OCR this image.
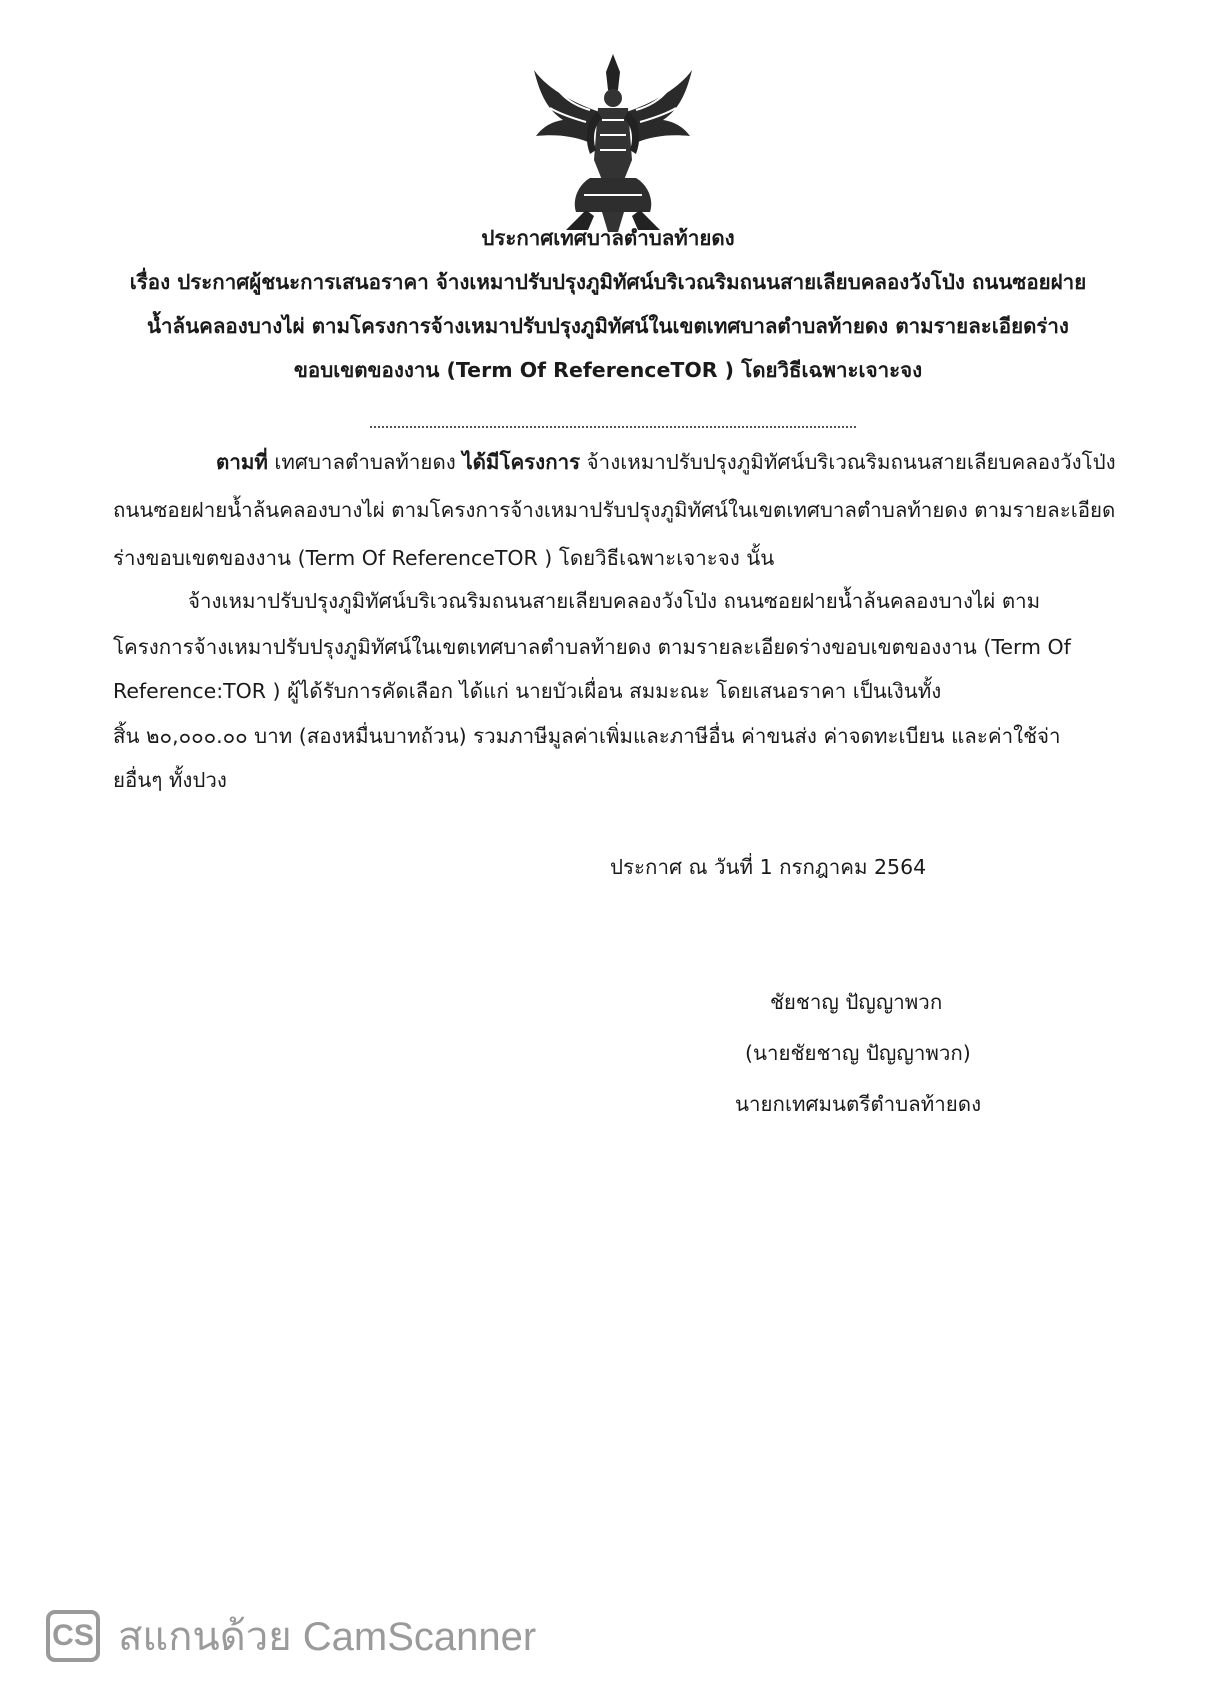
ประกาศเทศบาลตำบลท้ายดง
เรื่อง ประกาศผู้ชนะการเสนอราคา จ้างเหมาปรับปรุงภูมิทัศน์บริเวณริมถนนสายเลียบคลองวังโป่ง ถนนซอยฝาย
น้ำล้นคลองบางไผ่ ตามโครงการจ้างเหมาปรับปรุงภูมิทัศน์ในเขตเทศบาลตำบลท้ายดง ตามรายละเอียดร่าง
ขอบเขตของงาน (Term Of ReferenceTOR ) โดยวิธีเฉพาะเจาะจง
ตามที่ เทศบาลตำบลท้ายดง ได้มีโครงการ จ้างเหมาปรับปรุงภูมิทัศน์บริเวณริมถนนสายเลียบคลองวังโป่ง
ถนนซอยฝายน้ำล้นคลองบางไผ่ ตามโครงการจ้างเหมาปรับปรุงภูมิทัศน์ในเขตเทศบาลตำบลท้ายดง ตามรายละเอียด
ร่างขอบเขตของงาน (Term Of ReferenceTOR ) โดยวิธีเฉพาะเจาะจง นั้น
จ้างเหมาปรับปรุงภูมิทัศน์บริเวณริมถนนสายเลียบคลองวังโป่ง ถนนซอยฝายน้ำล้นคลองบางไผ่ ตาม
โครงการจ้างเหมาปรับปรุงภูมิทัศน์ในเขตเทศบาลตำบลท้ายดง ตามรายละเอียดร่างขอบเขตของงาน (Term Of
Reference:TOR ) ผู้ได้รับการคัดเลือก ได้แก่ นายบัวเผื่อน สมมะณะ โดยเสนอราคา เป็นเงินทั้ง
สิ้น ๒๐,๐๐๐.๐๐ บาท (สองหมื่นบาทถ้วน) รวมภาษีมูลค่าเพิ่มและภาษีอื่น ค่าขนส่ง ค่าจดทะเบียน และค่าใช้จ่า
ยอื่นๆ ทั้งปวง
ประกาศ ณ วันที่ 1 กรกฎาคม 2564
ชัยชาญ ปัญญาพวก
(นายชัยชาญ ปัญญาพวก)
นายกเทศมนตรีตำบลท้ายดง
CS สแกนด้วย CamScanner
